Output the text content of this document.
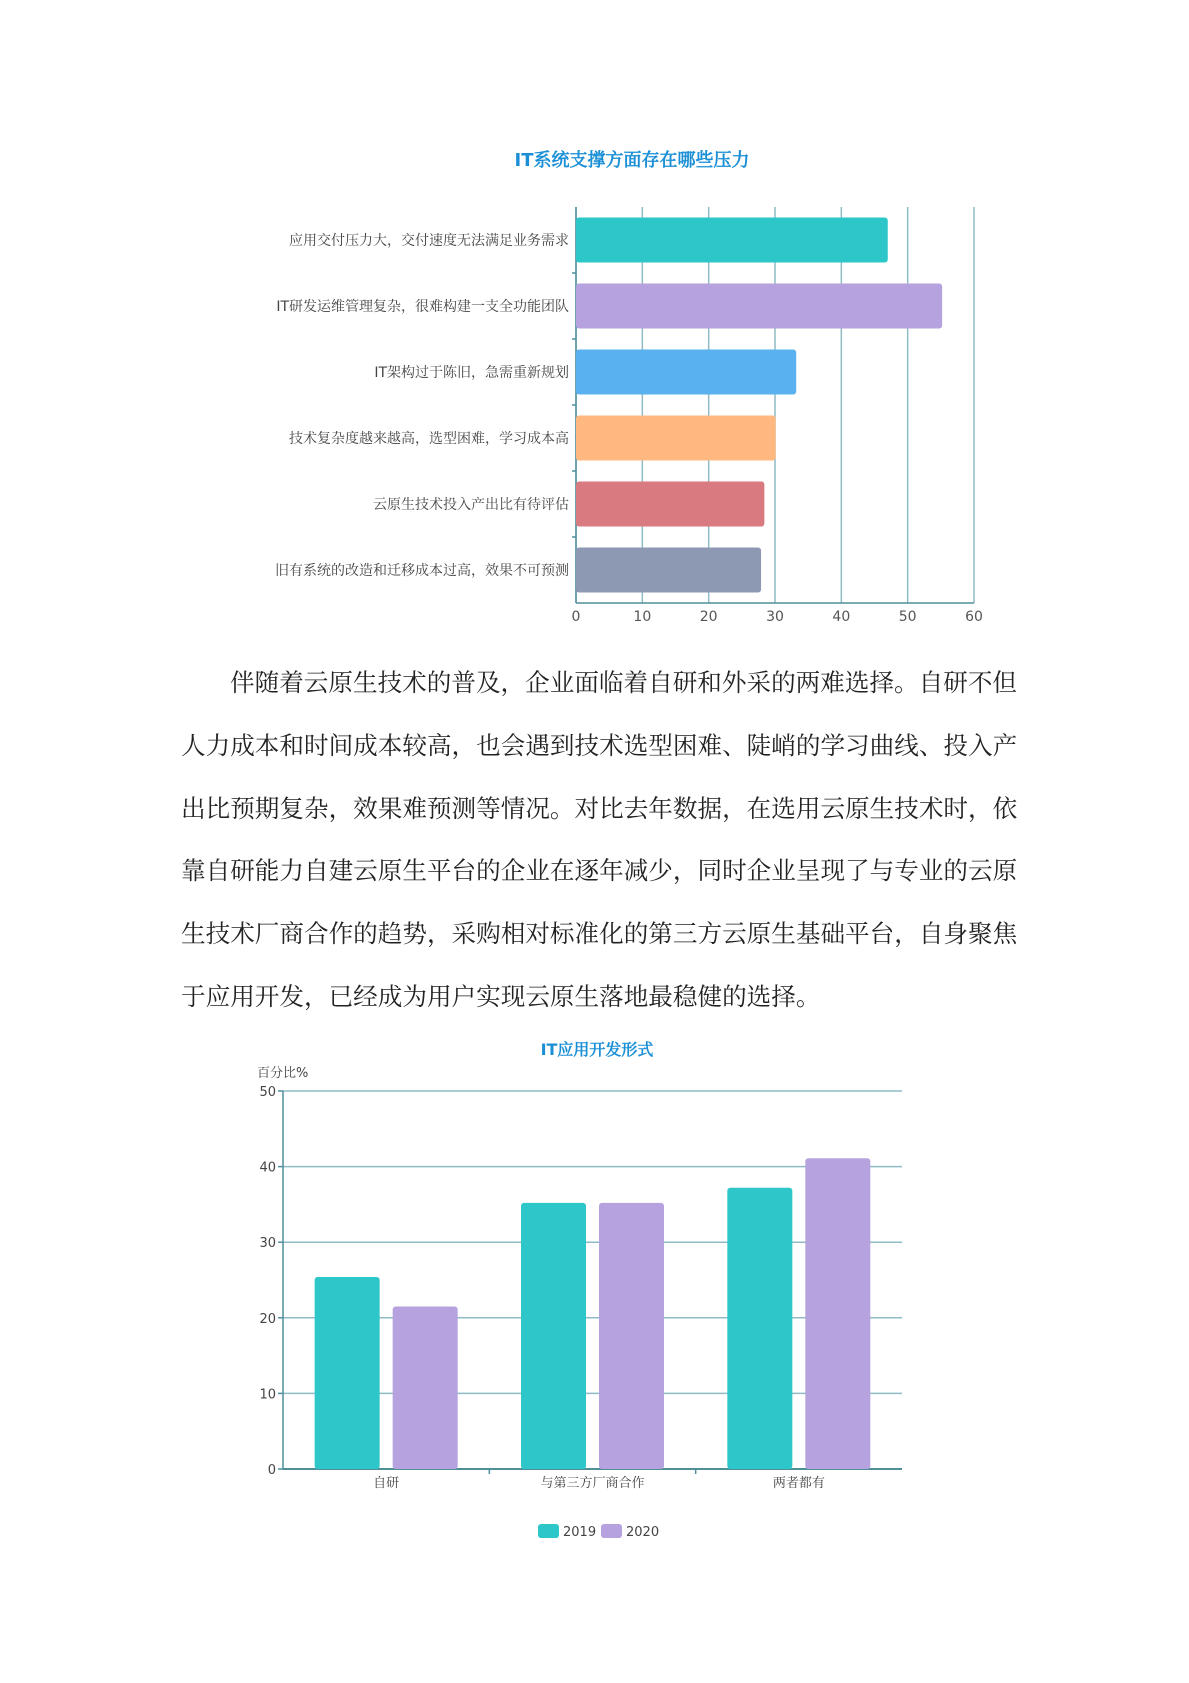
IT系统支撑方面存在哪些压力
0	10	20	30	40	50	60
应用交付压力大，交付速度无法满足业务需求
IT研发运维管理复杂，很难构建一支全功能团队
IT架构过于陈旧，急需重新规划
技术复杂度越来越高，选型困难，学习成本高
云原生技术投入产出比有待评估
旧有系统的改造和迁移成本过高，效果不可预测
伴随着云原生技术的普及，企业面临着自研和外采的两难选择。自研不但
人力成本和时间成本较高，也会遇到技术选型困难、陡峭的学习曲线、投入产
出比预期复杂，效果难预测等情况。对比去年数据，在选用云原生技术时，依
靠自研能力自建云原生平台的企业在逐年减少，同时企业呈现了与专业的云原
生技术厂商合作的趋势，采购相对标准化的第三方云原生基础平台，自身聚焦
于应用开发，已经成为用户实现云原生落地最稳健的选择。
IT应用开发形式
百分比%
0
10
20
30
40
50
自研	与第三方厂商合作	两者都有
2019 2020
